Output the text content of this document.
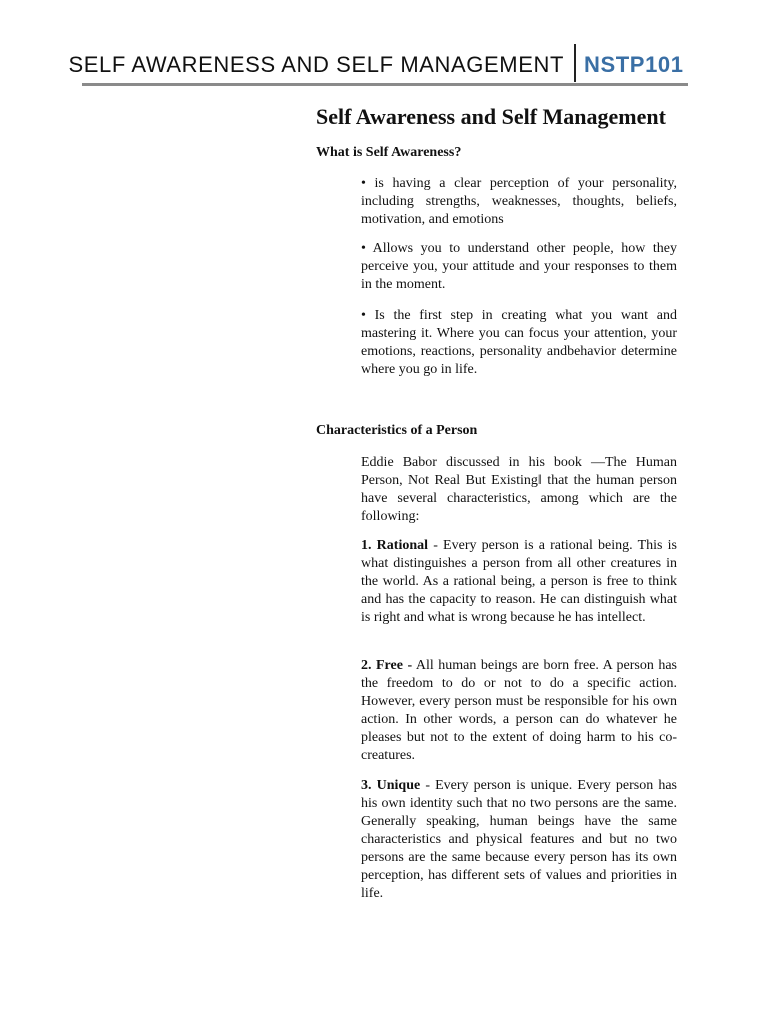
SELF AWARENESS AND SELF MANAGEMENT NSTP101
Self Awareness and Self Management
What is Self Awareness?

• is having a clear perception of your personality, including strengths, weaknesses, thoughts, beliefs, motivation, and emotions

• Allows you to understand other people, how they perceive you, your attitude and your responses to them in the moment.

• Is the first step in creating what you want and mastering it. Where you can focus your attention, your emotions, reactions, personality andbehavior determine where you go in life.

Characteristics of a Person

Eddie Babor discussed in his book ―The Human Person, Not Real But Existing‖ that the human person have several characteristics, among which are the following:

1. Rational - Every person is a rational being. This is what distinguishes a person from all other creatures in the world. As a rational being, a person is free to think and has the capacity to reason. He can distinguish what is right and what is wrong because he has intellect.

2. Free - All human beings are born free. A person has the freedom to do or not to do a specific action. However, every person must be responsible for his own action. In other words, a person can do whatever he pleases but not to the extent of doing harm to his co-creatures.

3. Unique - Every person is unique. Every person has his own identity such that no two persons are the same. Generally speaking, human beings have the same characteristics and physical features and but no two persons are the same because every person has its own perception, has different sets of values and priorities in life.
